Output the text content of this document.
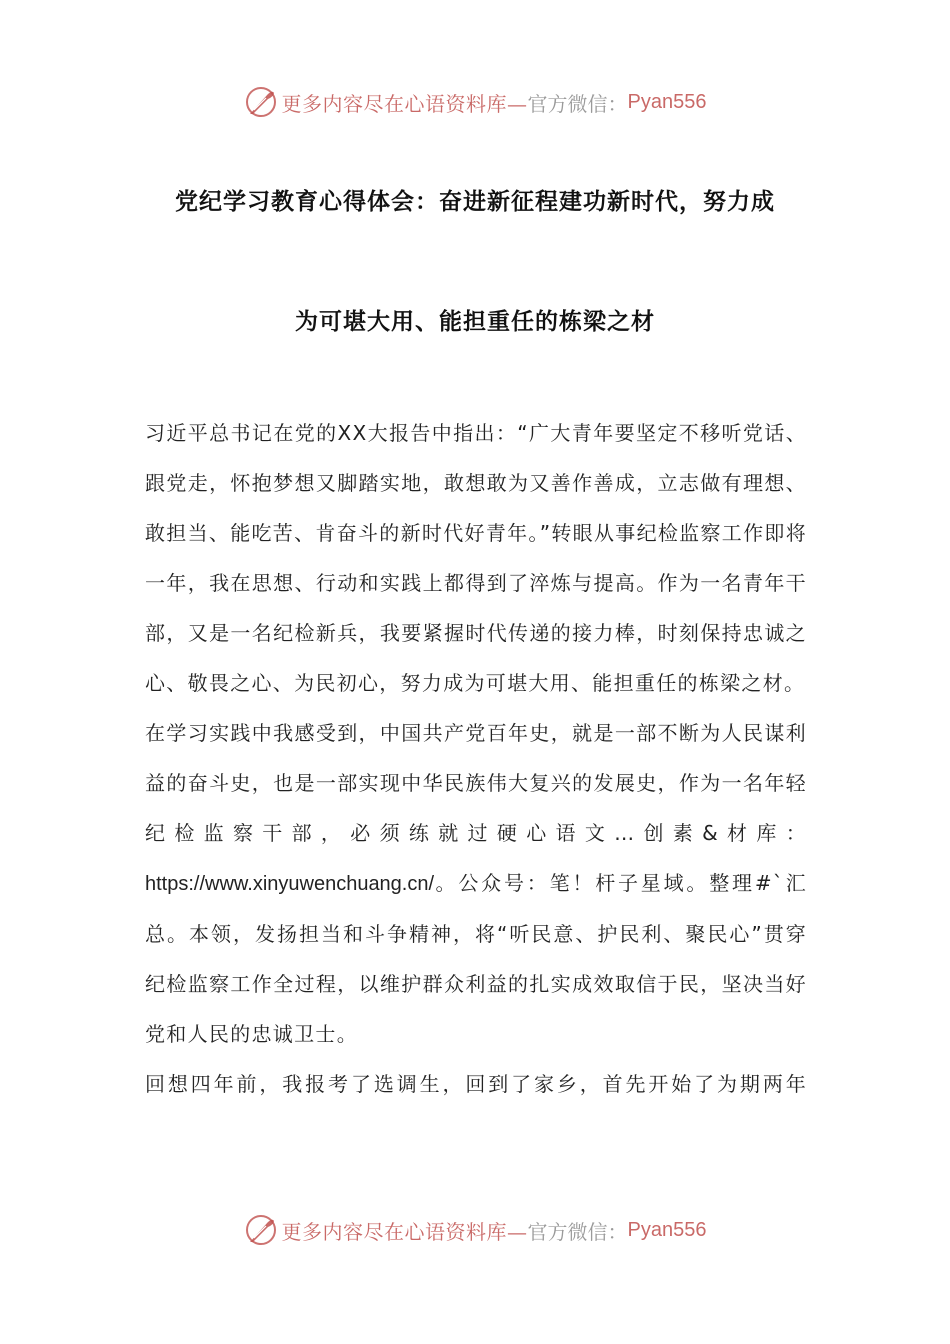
更多内容尽在心语资料库— 官方微信： Pyan556
党纪学习教育心得体会：奋进新征程建功新时代，努力成
为可堪大用、能担重任的栋梁之材

习近平总书记在党的XX大报告中指出：“广大青年要坚定不移听党话、跟党走，怀抱梦想又脚踏实地，敢想敢为又善作善成，立志做有理想、敢担当、能吃苦、肯奋斗的新时代好青年。”转眼从事纪检监察工作即将一年，我在思想、行动和实践上都得到了淬炼与提高。作为一名青年干部，又是一名纪检新兵，我要紧握时代传递的接力棒，时刻保持忠诚之心、敬畏之心、为民初心，努力成为可堪大用、能担重任的栋梁之材。

在学习实践中我感受到，中国共产党百年史，就是一部不断为人民谋利益的奋斗史，也是一部实现中华民族伟大复兴的发展史，作为一名年轻纪检监察干部，必须练就过硬心语文…创素&材库：https://www.xinyuwenchuang.cn/。公众号：笔！杆子星域。整理#`汇总。本领，发扬担当和斗争精神，将“听民意、护民利、聚民心”贯穿纪检监察工作全过程，以维护群众利益的扎实成效取信于民，坚决当好党和人民的忠诚卫士。

回想四年前，我报考了选调生，回到了家乡，首先开始了为期两年

更多内容尽在心语资料库— 官方微信： Pyan556
